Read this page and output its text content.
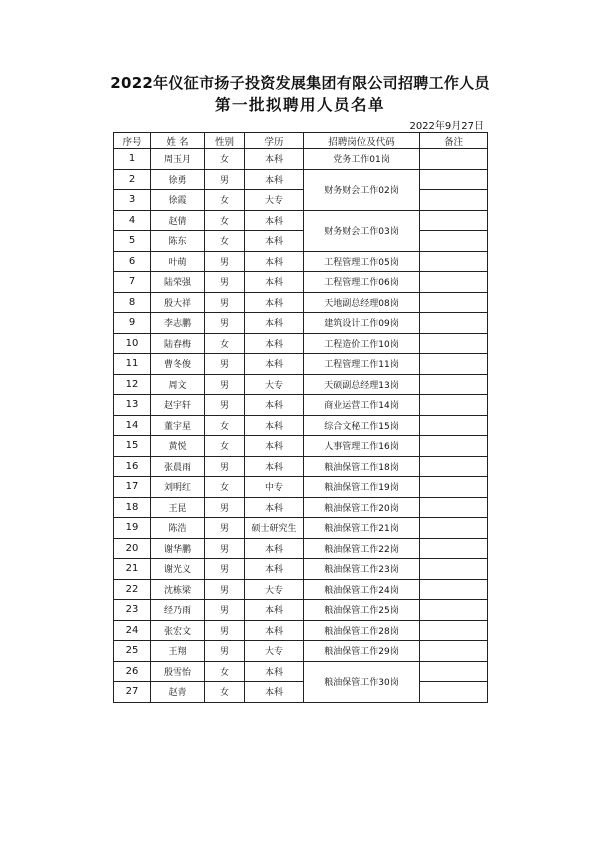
2022年仪征市扬子投资发展集团有限公司招聘工作人员
第一批拟聘用人员名单
2022年9月27日
序号	姓 名	性别	学历	招聘岗位及代码	备注
1	周玉月	女	本科	党务工作01岗	
2	徐勇	男	本科	财务财会工作02岗	
3	徐霞	女	大专		
4	赵倩	女	本科	财务财会工作03岗	
5	陈东	女	本科		
6	叶萌	男	本科	工程管理工作05岗	
7	陆荣强	男	本科	工程管理工作06岗	
8	殷大祥	男	本科	天地副总经理08岗	
9	李志鹏	男	本科	建筑设计工作09岗	
10	陆春梅	女	本科	工程造价工作10岗	
11	曹冬俊	男	本科	工程管理工作11岗	
12	周文	男	大专	天硕副总经理13岗	
13	赵宇轩	男	本科	商业运营工作14岗	
14	董宇星	女	本科	综合文秘工作15岗	
15	黄悦	女	本科	人事管理工作16岗	
16	张晨雨	男	本科	粮油保管工作18岗	
17	刘明红	女	中专	粮油保管工作19岗	
18	王昆	男	本科	粮油保管工作20岗	
19	陈浩	男	硕士研究生	粮油保管工作21岗	
20	谢华鹏	男	本科	粮油保管工作22岗	
21	谢光义	男	本科	粮油保管工作23岗	
22	沈栋梁	男	大专	粮油保管工作24岗	
23	经乃雨	男	本科	粮油保管工作25岗	
24	张宏文	男	本科	粮油保管工作28岗	
25	王翔	男	大专	粮油保管工作29岗	
26	殷雪怡	女	本科	粮油保管工作30岗	
27	赵青	女	本科		
